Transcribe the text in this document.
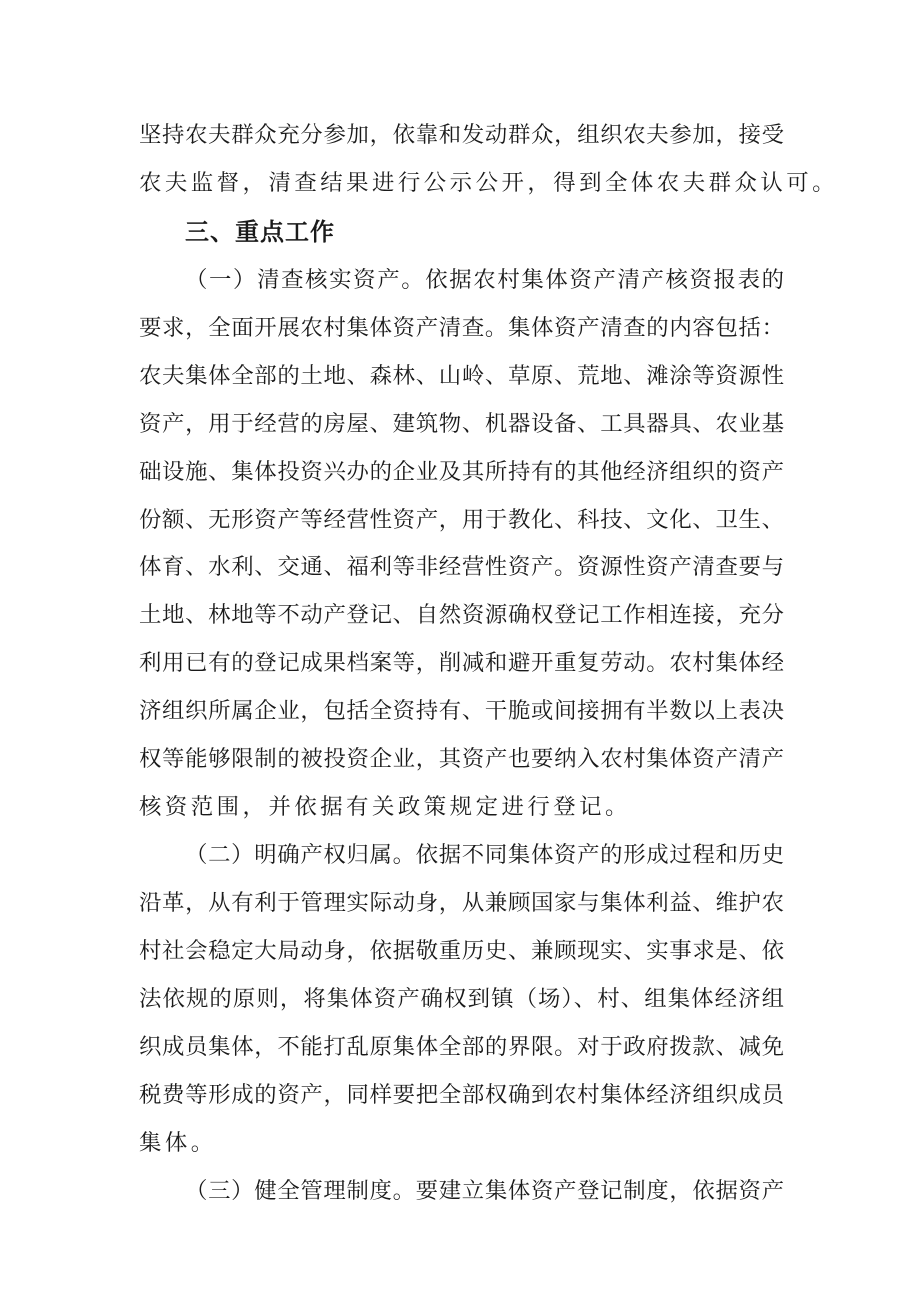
坚持农夫群众充分参加，依靠和发动群众，组织农夫参加，接受
农夫监督，清查结果进行公示公开，得到全体农夫群众认可。
三、重点工作
（一）清查核实资产。依据农村集体资产清产核资报表的
要求，全面开展农村集体资产清查。集体资产清查的内容包括：
农夫集体全部的土地、森林、山岭、草原、荒地、滩涂等资源性
资产，用于经营的房屋、建筑物、机器设备、工具器具、农业基
础设施、集体投资兴办的企业及其所持有的其他经济组织的资产
份额、无形资产等经营性资产，用于教化、科技、文化、卫生、
体育、水利、交通、福利等非经营性资产。资源性资产清查要与
土地、林地等不动产登记、自然资源确权登记工作相连接，充分
利用已有的登记成果档案等，削减和避开重复劳动。农村集体经
济组织所属企业，包括全资持有、干脆或间接拥有半数以上表决
权等能够限制的被投资企业，其资产也要纳入农村集体资产清产
核资范围，并依据有关政策规定进行登记。
（二）明确产权归属。依据不同集体资产的形成过程和历史
沿革，从有利于管理实际动身，从兼顾国家与集体利益、维护农
村社会稳定大局动身，依据敬重历史、兼顾现实、实事求是、依
法依规的原则，将集体资产确权到镇（场）、村、组集体经济组
织成员集体，不能打乱原集体全部的界限。对于政府拨款、减免
税费等形成的资产，同样要把全部权确到农村集体经济组织成员
集体。
（三）健全管理制度。要建立集体资产登记制度，依据资产
